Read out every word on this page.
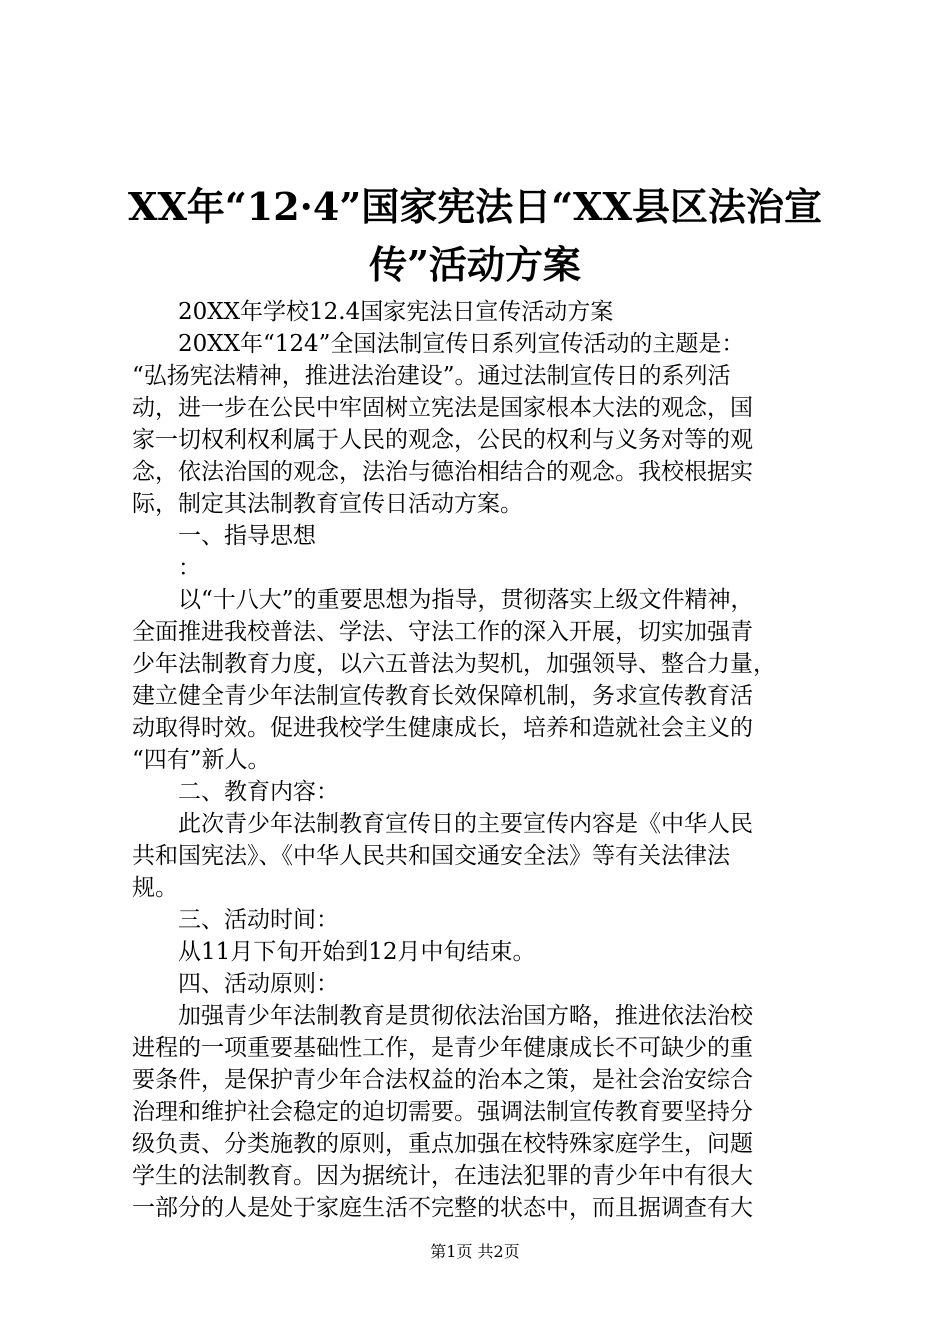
XX年“12·4”国家宪法日“XX县区法治宣
传”活动方案
　　20XX年学校12.4国家宪法日宣传活动方案
　　20XX年“124”全国法制宣传日系列宣传活动的主题是：
“弘扬宪法精神，推进法治建设”。通过法制宣传日的系列活
动，进一步在公民中牢固树立宪法是国家根本大法的观念，国
家一切权利权利属于人民的观念，公民的权利与义务对等的观
念，依法治国的观念，法治与德治相结合的观念。我校根据实
际，制定其法制教育宣传日活动方案。
　　一、指导思想
　　：
　　以“十八大”的重要思想为指导，贯彻落实上级文件精神，
全面推进我校普法、学法、守法工作的深入开展，切实加强青
少年法制教育力度，以六五普法为契机，加强领导、整合力量，
建立健全青少年法制宣传教育长效保障机制，务求宣传教育活
动取得时效。促进我校学生健康成长，培养和造就社会主义的
“四有”新人。
　　二、教育内容：
　　此次青少年法制教育宣传日的主要宣传内容是《中华人民
共和国宪法》、《中华人民共和国交通安全法》等有关法律法
规。
　　三、活动时间：
　　从11月下旬开始到12月中旬结束。
　　四、活动原则：
　　加强青少年法制教育是贯彻依法治国方略，推进依法治校
进程的一项重要基础性工作，是青少年健康成长不可缺少的重
要条件，是保护青少年合法权益的治本之策，是社会治安综合
治理和维护社会稳定的迫切需要。强调法制宣传教育要坚持分
级负责、分类施教的原则，重点加强在校特殊家庭学生，问题
学生的法制教育。因为据统计，在违法犯罪的青少年中有很大
一部分的人是处于家庭生活不完整的状态中，而且据调查有大
第1页 共2页
